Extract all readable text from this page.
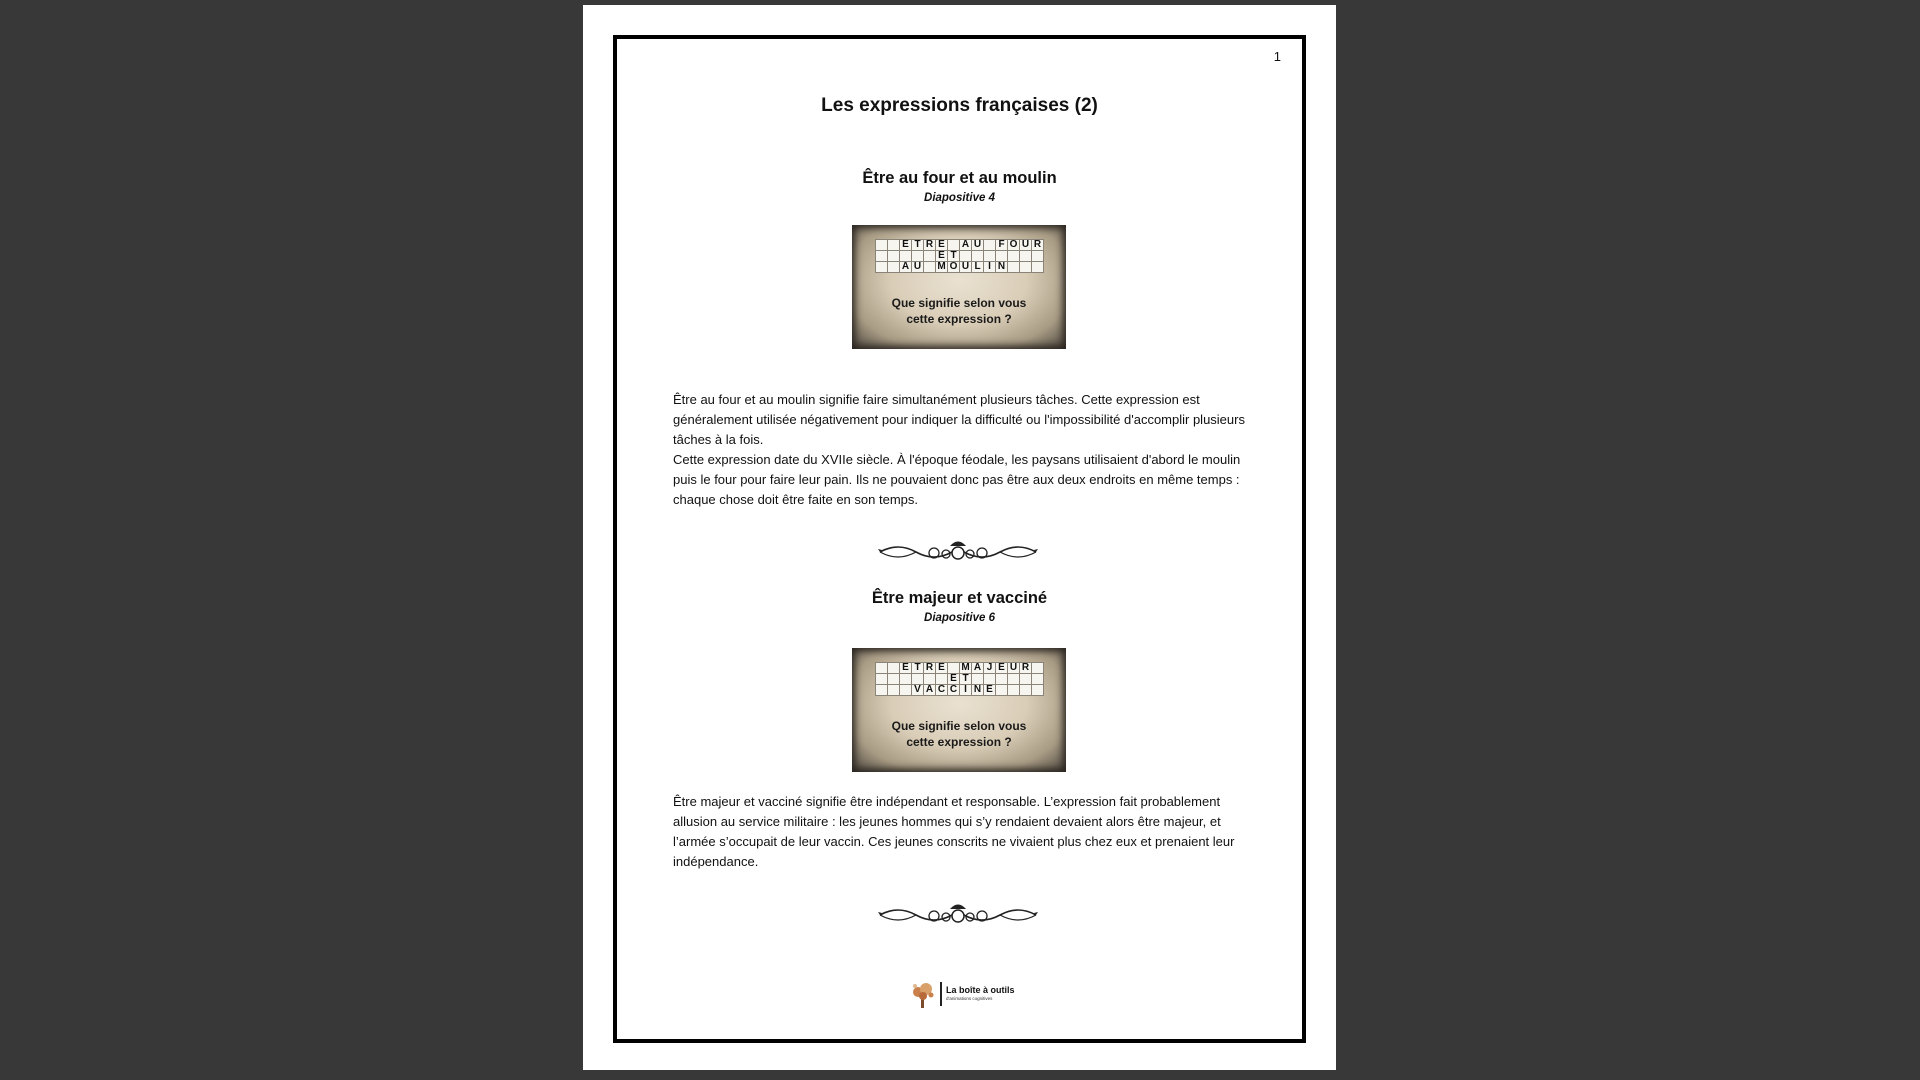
1
Les expressions françaises (2)
Être au four et au moulin
Diapositive 4
		E	T	R	E		A	U		F	O	U	R
					E	T							
		A	U		M	O	U	L	I	N			
Que signifie selon vous
cette expression ?

Être au four et au moulin signifie faire simultanément plusieurs tâches. Cette expression est généralement utilisée négativement pour indiquer la difficulté ou l'impossibilité d'accomplir plusieurs tâches à la fois.

Cette expression date du XVIIe siècle. À l'époque féodale, les paysans utilisaient d'abord le moulin puis le four pour faire leur pain. Ils ne pouvaient donc pas être aux deux endroits en même temps : chaque chose doit être faite en son temps.

Être majeur et vacciné
Diapositive 6
		E	T	R	E		M	A	J	E	U	R	
						E	T						
			V	A	C	C	I	N	E				
Que signifie selon vous
cette expression ?

Être majeur et vacciné signifie être indépendant et responsable. L’expression fait probablement allusion au service militaire : les jeunes hommes qui s’y rendaient devaient alors être majeur, et l’armée s’occupait de leur vaccin. Ces jeunes conscrits ne vivaient plus chez eux et prenaient leur indépendance.

La boîte à outils
d'animations cognitives
